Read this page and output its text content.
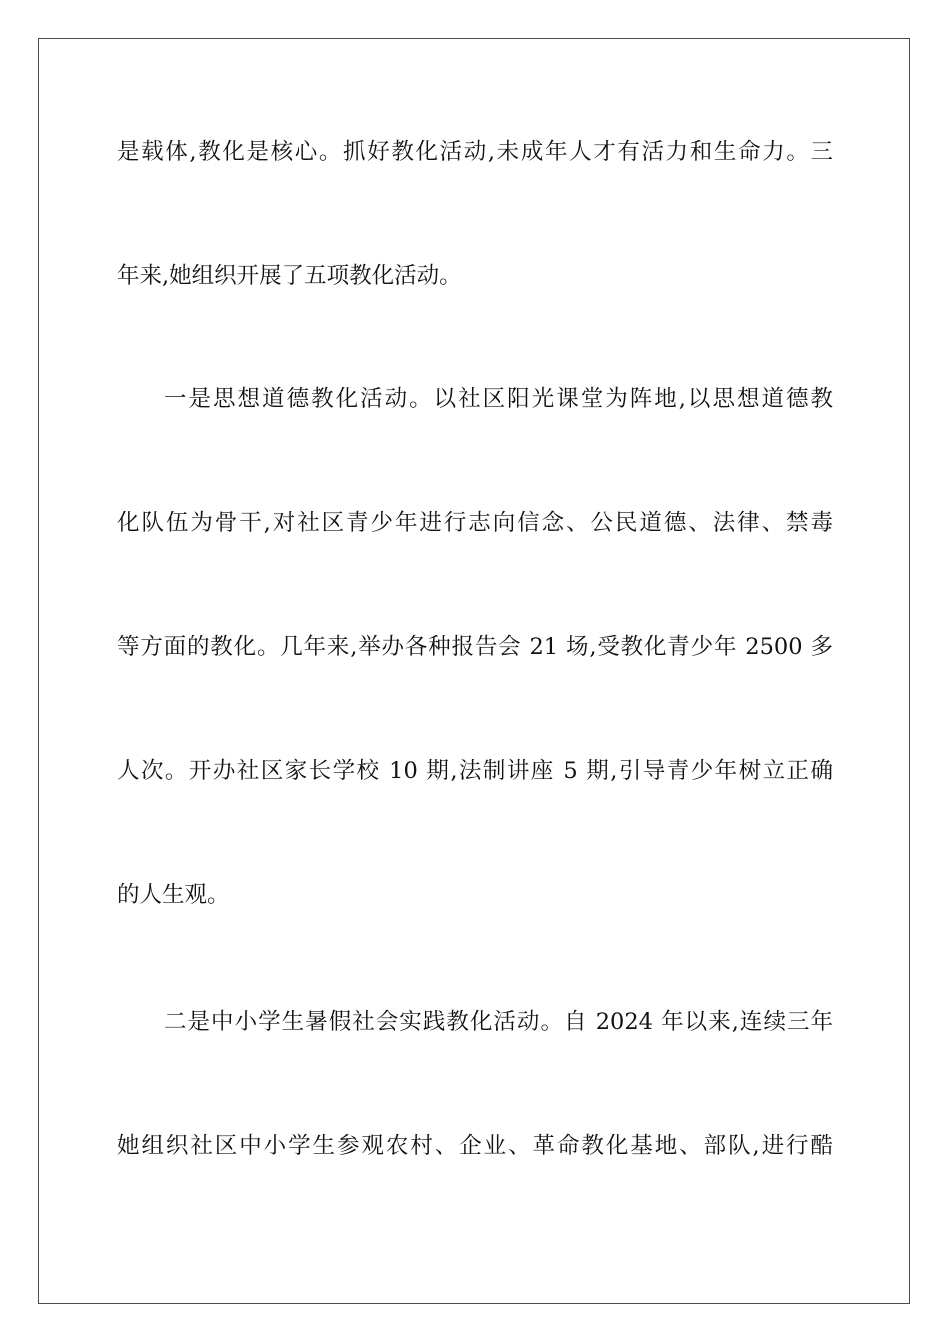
是载体,教化是核心。抓好教化活动,未成年人才有活力和生命力。三
年来,她组织开展了五项教化活动。
一是思想道德教化活动。以社区阳光课堂为阵地,以思想道德教
化队伍为骨干,对社区青少年进行志向信念、公民道德、法律、禁毒
等方面的教化。几年来,举办各种报告会 21 场,受教化青少年 2500 多
人次。开办社区家长学校 10 期,法制讲座 5 期,引导青少年树立正确
的人生观。
二是中小学生暑假社会实践教化活动。自 2024 年以来,连续三年
她组织社区中小学生参观农村、企业、革命教化基地、部队,进行酷
